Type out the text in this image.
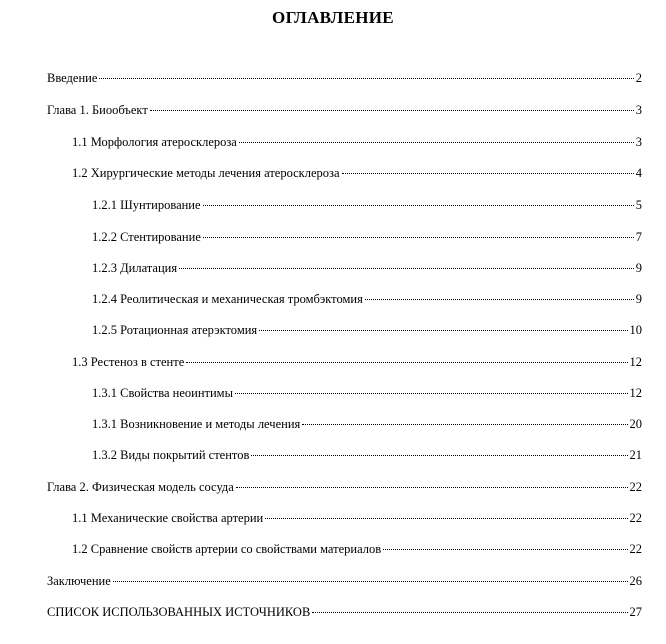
ОГЛАВЛЕНИЕ
Введение	2
Глава 1. Биообъект	3
1.1 Морфология атеросклероза	3
1.2 Хирургические методы лечения атеросклероза	4
1.2.1 Шунтирование	5
1.2.2 Стентирование	7
1.2.3 Дилатация	9
1.2.4 Реолитическая и механическая тромбэктомия	9
1.2.5 Ротационная атерэктомия	10
1.3 Рестеноз в стенте	12
1.3.1 Свойства неоинтимы	12
1.3.1 Возникновение и методы лечения	20
1.3.2 Виды покрытий стентов	21
Глава 2. Физическая модель сосуда	22
1.1 Механические свойства артерии	22
1.2 Сравнение свойств артерии со свойствами материалов	22
Заключение	26
СПИСОК ИСПОЛЬЗОВАННЫХ ИСТОЧНИКОВ	27
